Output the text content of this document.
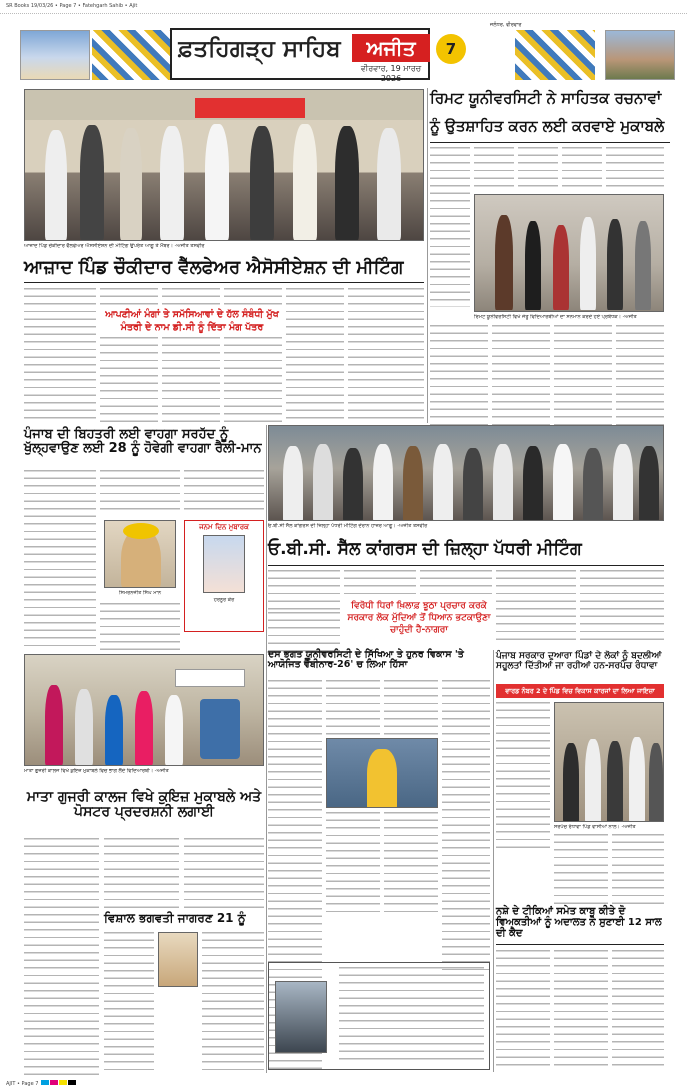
SR Books 19/03/26 • Page 7 • Fatehgarh Sahib • Ajit
ਫ਼ਤਹਿਗੜ੍ਹ ਸਾਹਿਬ	ਅਜੀਤ
ਵੀਰਵਾਰ, 19 ਮਾਰਚ 2026
7
ਜਲੰਧਰ, ਵੀਰਵਾਰ
ਆਜ਼ਾਦ ਪਿੰਡ ਚੌਕੀਦਾਰ ਵੈੱਲਫੇਅਰ ਐਸੋਸੀਏਸ਼ਨ ਦੀ ਮੀਟਿੰਗ ਉਪਰੰਤ ਆਗੂ ਤੇ ਮੈਂਬਰ। -ਅਜੀਤ ਤਸਵੀਰ
ਰਿਮਟ ਯੂਨੀਵਰਸਿਟੀ ਨੇ ਸਾਹਿਤਕ ਰਚਨਾਵਾਂ
ਨੂੰ ਉਤਸ਼ਾਹਿਤ ਕਰਨ ਲਈ ਕਰਵਾਏ ਮੁਕਾਬਲੇ
ਰਿਮਟ ਯੂਨੀਵਰਸਿਟੀ ਵਿਖੇ ਜੇਤੂ ਵਿਦਿਆਰਥੀਆਂ ਦਾ ਸਨਮਾਨ ਕਰਦੇ ਹੋਏ ਪ੍ਰਬੰਧਕ। -ਅਜੀਤ
ਆਜ਼ਾਦ ਪਿੰਡ ਚੌਕੀਦਾਰ ਵੈੱਲਫੇਅਰ ਐਸੋਸੀਏਸ਼ਨ ਦੀ ਮੀਟਿੰਗ
ਆਪਣੀਆਂ ਮੰਗਾਂ ਤੇ ਸਮੱਸਿਆਵਾਂ ਦੇ ਹੱਲ ਸੰਬੰਧੀ ਮੁੱਖ ਮੰਤਰੀ ਦੇ ਨਾਮ ਡੀ.ਸੀ ਨੂੰ ਦਿੱਤਾ ਮੰਗ ਪੱਤਰ
ਪੰਜਾਬ ਦੀ ਬਿਹਤਰੀ ਲਈ ਵਾਹਗਾ ਸਰਹੱਦ ਨੂੰ ਖੁੱਲ੍ਹਵਾਉਣ ਲਈ 28 ਨੂੰ ਹੋਵੇਗੀ ਵਾਹਗਾ ਰੈਲੀ-ਮਾਨ
ਸਿਮਰਨਜੀਤ ਸਿੰਘ ਮਾਨ
ਜਨਮ ਦਿਨ ਮੁਬਾਰਕ
ਹਰਨੂਰ ਕੌਰ
ਓ.ਬੀ.ਸੀ ਸੈੱਲ ਕਾਂਗਰਸ ਦੀ ਜ਼ਿਲ੍ਹਾ ਪੱਧਰੀ ਮੀਟਿੰਗ ਦੌਰਾਨ ਹਾਜ਼ਰ ਆਗੂ। -ਅਜੀਤ ਤਸਵੀਰ
ਓ.ਬੀ.ਸੀ. ਸੈੱਲ ਕਾਂਗਰਸ ਦੀ ਜ਼ਿਲ੍ਹਾ ਪੱਧਰੀ ਮੀਟਿੰਗ
ਵਿਰੋਧੀ ਧਿਰਾਂ ਖ਼ਿਲਾਫ਼ ਝੂਠਾ ਪ੍ਰਚਾਰ ਕਰਕੇ ਸਰਕਾਰ ਲੋਕ ਮੁੱਦਿਆਂ ਤੋਂ ਧਿਆਨ ਭਟਕਾਉਣਾ ਚਾਹੁੰਦੀ ਹੈ-ਨਾਗਰਾ
ਮਾਤਾ ਗੁਜਰੀ ਕਾਲਜ ਵਿਖੇ ਕੁਇਜ਼ ਮੁਕਾਬਲੇ ਵਿਚ ਭਾਗ ਲੈਂਦੇ ਵਿਦਿਆਰਥੀ। -ਅਜੀਤ
ਦਸ ਭਗਤ ਯੂਨੀਵਰਸਿਟੀ ਦੇ ਸਿੱਖਿਆ ਤੇ ਹੁਨਰ ਵਿਕਾਸ 'ਤੇ ਆਯੋਜਿਤ ਵੈਬੀਨਾਰ-26' ਚ ਲਿਆ ਹਿੱਸਾ
ਪੰਜਾਬ ਸਰਕਾਰ ਦੁਆਰਾ ਪਿੰਡਾਂ ਦੇ ਲੋਕਾਂ ਨੂੰ ਬਦਲੀਆਂ ਸਹੂਲਤਾਂ ਦਿੱਤੀਆਂ ਜਾ ਰਹੀਆਂ ਹਨ-ਸਰਪੰਚ ਰੰਧਾਵਾ
ਵਾਰਡ ਨੰਬਰ 2 ਦੇ ਪਿੰਡ ਵਿਚ ਵਿਕਾਸ ਕਾਰਜਾਂ ਦਾ ਲਿਆ ਜਾਇਜ਼ਾ
ਸਰਪੰਚ ਰੰਧਾਵਾ ਪਿੰਡ ਵਾਸੀਆਂ ਨਾਲ। -ਅਜੀਤ
ਮਾਤਾ ਗੁਜਰੀ ਕਾਲਜ ਵਿਖੇ ਕੁਇਜ਼ ਮੁਕਾਬਲੇ ਅਤੇ ਪੋਸਟਰ ਪ੍ਰਦਰਸ਼ਨੀ ਲਗਾਈ
ਵਿਸ਼ਾਲ ਭਗਵਤੀ ਜਾਗਰਣ 21 ਨੂੰ	ਨਸ਼ੇ ਦੇ ਟੀਕਿਆਂ ਸਮੇਤ ਕਾਬੂ ਕੀਤੇ ਦੋ ਵਿਅਕਤੀਆਂ ਨੂੰ ਅਦਾਲਤ ਨੇ ਸੁਣਾਈ 12 ਸਾਲ ਦੀ ਕੈਦ
AJIT • Page 7
